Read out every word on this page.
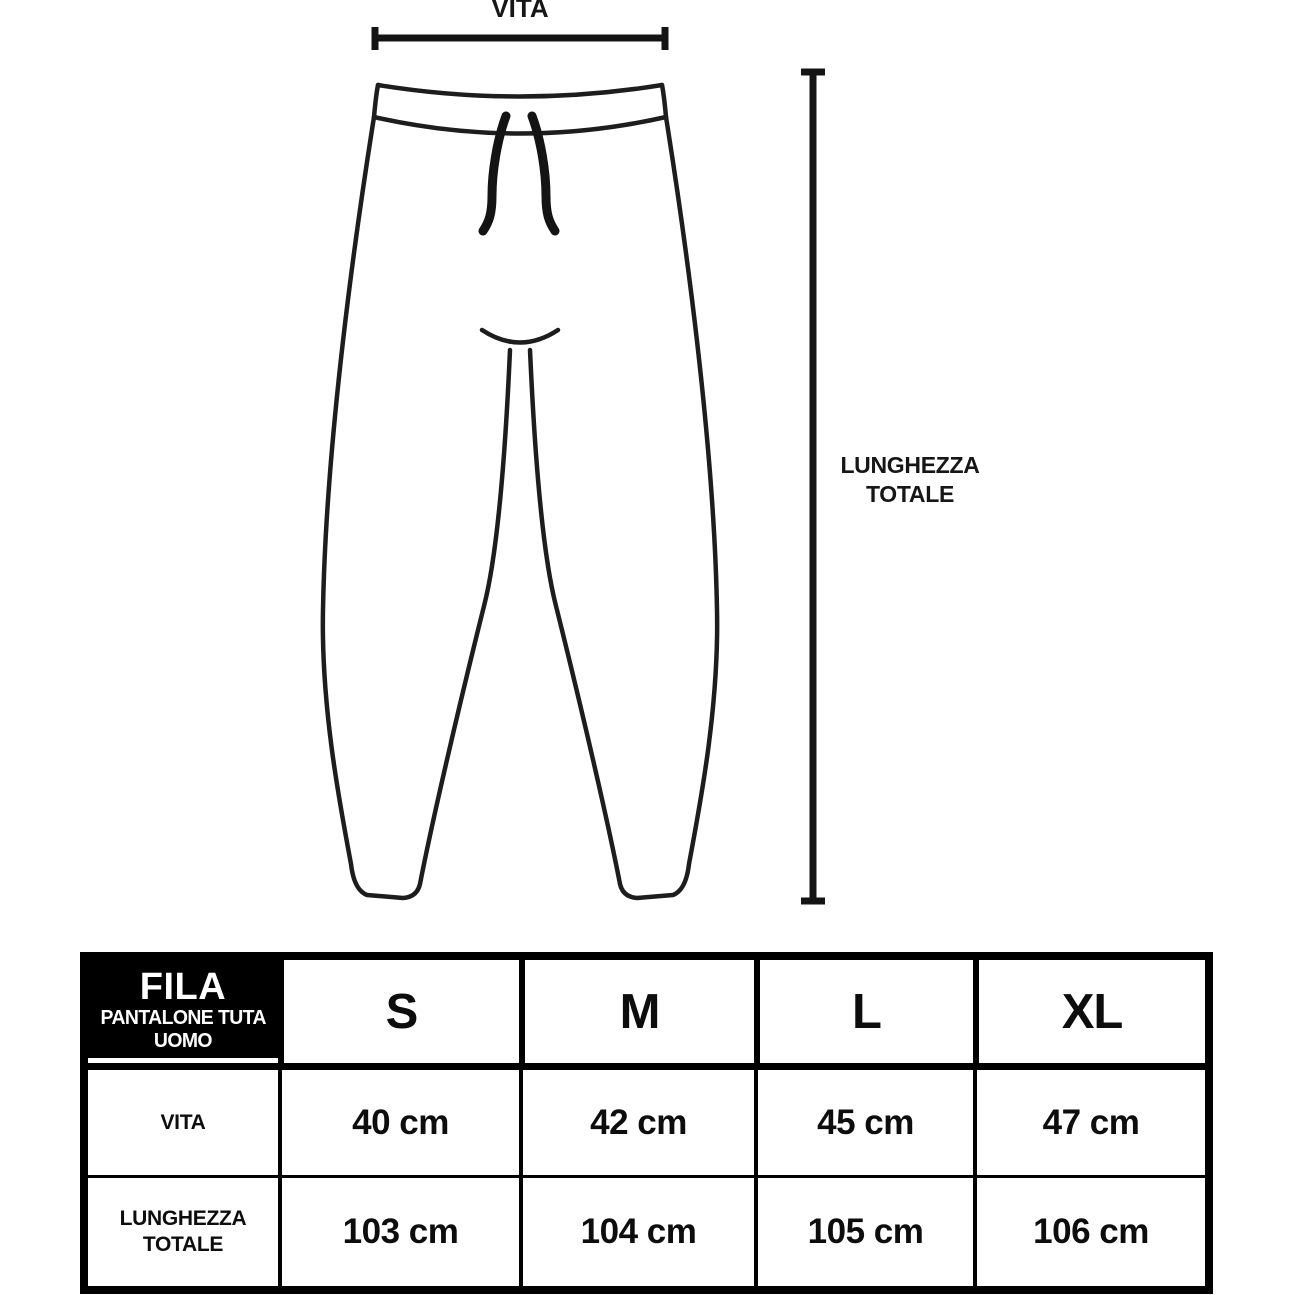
VITA
LUNGHEZZA
TOTALE
FILA
PANTALONE TUTA
UOMO
S	M	L	XL
VITA	40 cm	42 cm	45 cm	47 cm
LUNGHEZZA
TOTALE	103 cm	104 cm	105 cm	106 cm
